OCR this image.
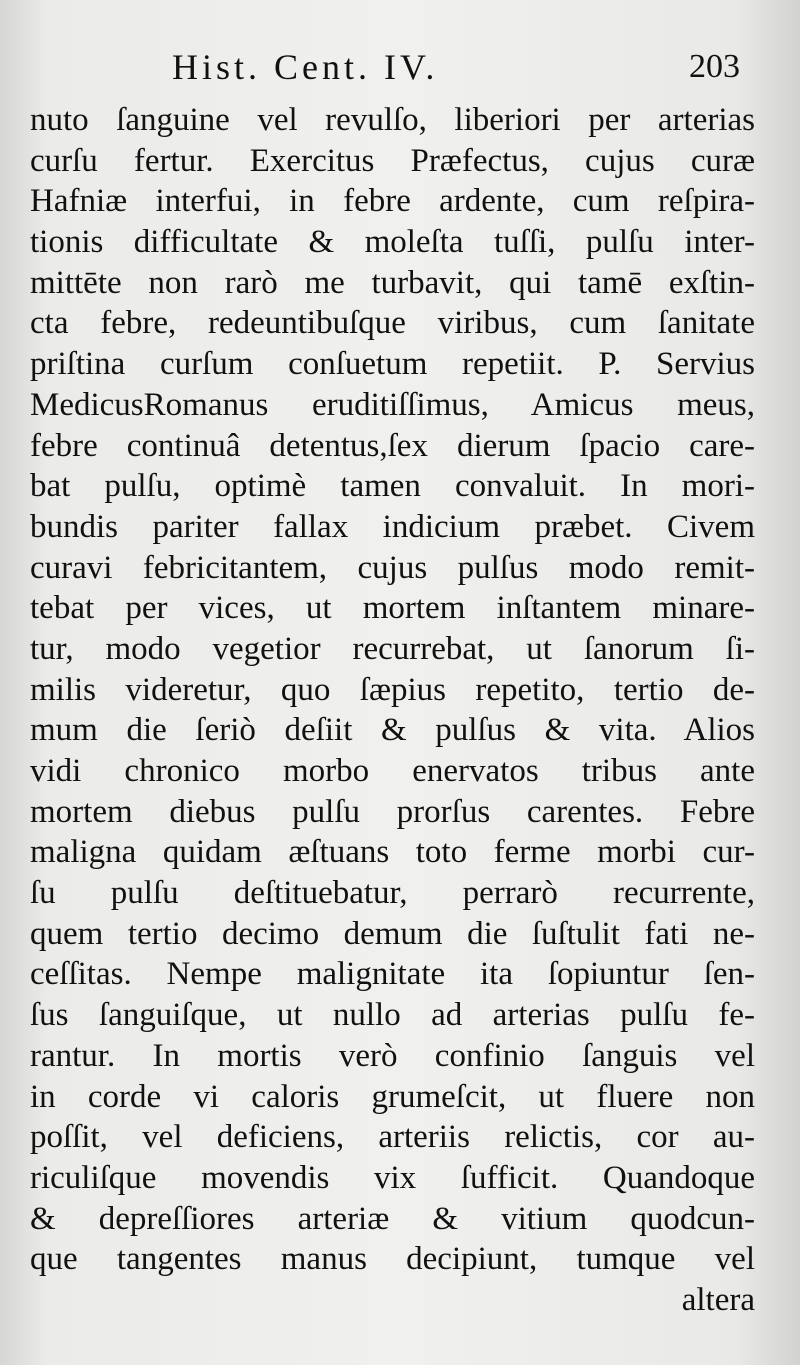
Hist. Cent. IV.	203
nuto ſanguine vel revulſo, liberiori per arterias
curſu fertur. Exercitus Præfectus, cujus curæ
Hafniæ interfui, in febre ardente, cum reſpira-
tionis difficultate & moleſta tuſſi, pulſu inter-
mittēte non rarò me turbavit, qui tamē exſtin-
cta febre, redeuntibuſque viribus, cum ſanitate
priſtina curſum conſuetum repetiit. P. Servius
MedicusRomanus eruditiſſimus, Amicus meus,
febre continuâ detentus,ſex dierum ſpacio care-
bat pulſu, optimè tamen convaluit. In mori-
bundis pariter fallax indicium præbet. Civem
curavi febricitantem, cujus pulſus modo remit-
tebat per vices, ut mortem inſtantem minare-
tur, modo vegetior recurrebat, ut ſanorum ſi-
milis videretur, quo ſæpius repetito, tertio de-
mum die ſeriò deſiit & pulſus & vita. Alios
vidi chronico morbo enervatos tribus ante
mortem diebus pulſu prorſus carentes. Febre
maligna quidam æſtuans toto ferme morbi cur-
ſu pulſu deſtituebatur, perrarò recurrente,
quem tertio decimo demum die ſuſtulit fati ne-
ceſſitas. Nempe malignitate ita ſopiuntur ſen-
ſus ſanguiſque, ut nullo ad arterias pulſu fe-
rantur. In mortis verò confinio ſanguis vel
in corde vi caloris grumeſcit, ut fluere non
poſſit, vel deficiens, arteriis relictis, cor au-
riculiſque movendis vix ſufficit. Quandoque
& depreſſiores arteriæ & vitium quodcun-
que tangentes manus decipiunt, tumque vel
altera
